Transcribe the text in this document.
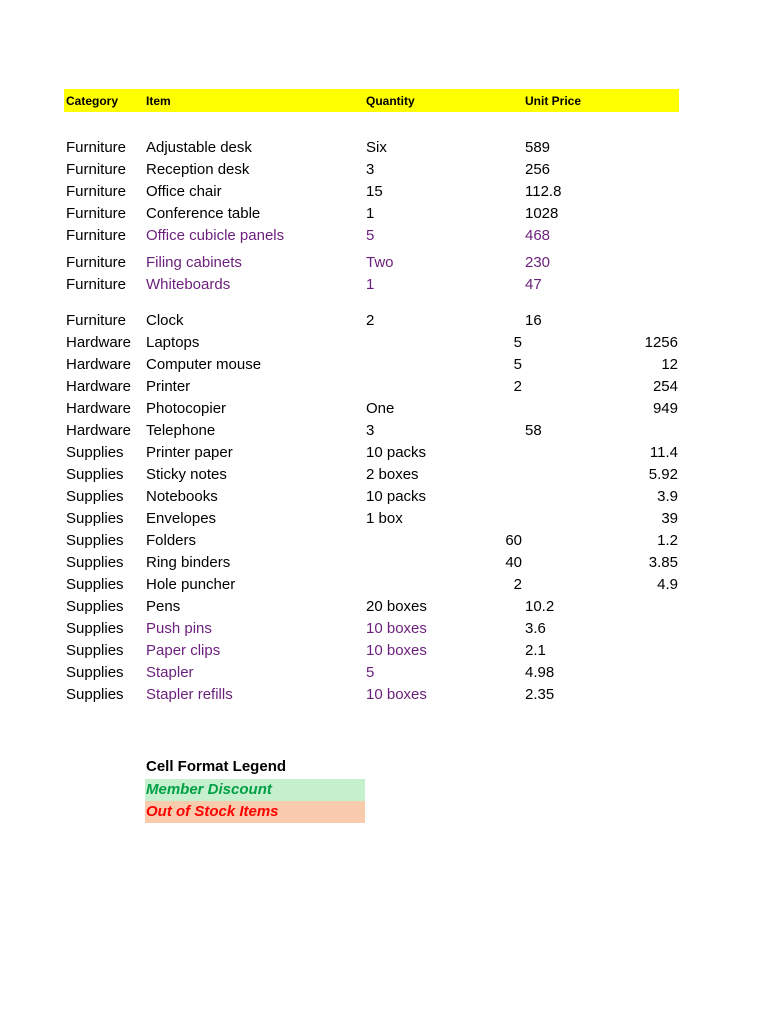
Category Item	Quantity	Unit Price
Furniture Adjustable desk	Six	589
Furniture Reception desk	3	256
Furniture Office chair	15	112.8
Furniture Conference table	1	1028
Furniture Office cubicle panels	5	468
Furniture Filing cabinets	Two	230
Furniture Whiteboards	1	47
Furniture Clock	2	16
Hardware Laptops	5	1256
Hardware Computer mouse	5	12
Hardware Printer	2	254
Hardware Photocopier	One	949
Hardware Telephone	3	58
Supplies Printer paper	10 packs	11.4
Supplies Sticky notes	2 boxes	5.92
Supplies Notebooks	10 packs	3.9
Supplies Envelopes	1 box	39
Supplies Folders	60	1.2
Supplies Ring binders	40	3.85
Supplies Hole puncher	2	4.9
Supplies Pens	20 boxes	10.2
Supplies Push pins	10 boxes	3.6
Supplies Paper clips	10 boxes	2.1
Supplies Stapler	5	4.98
Supplies Stapler refills	10 boxes	2.35
Cell Format Legend
Member Discount
Out of Stock Items
